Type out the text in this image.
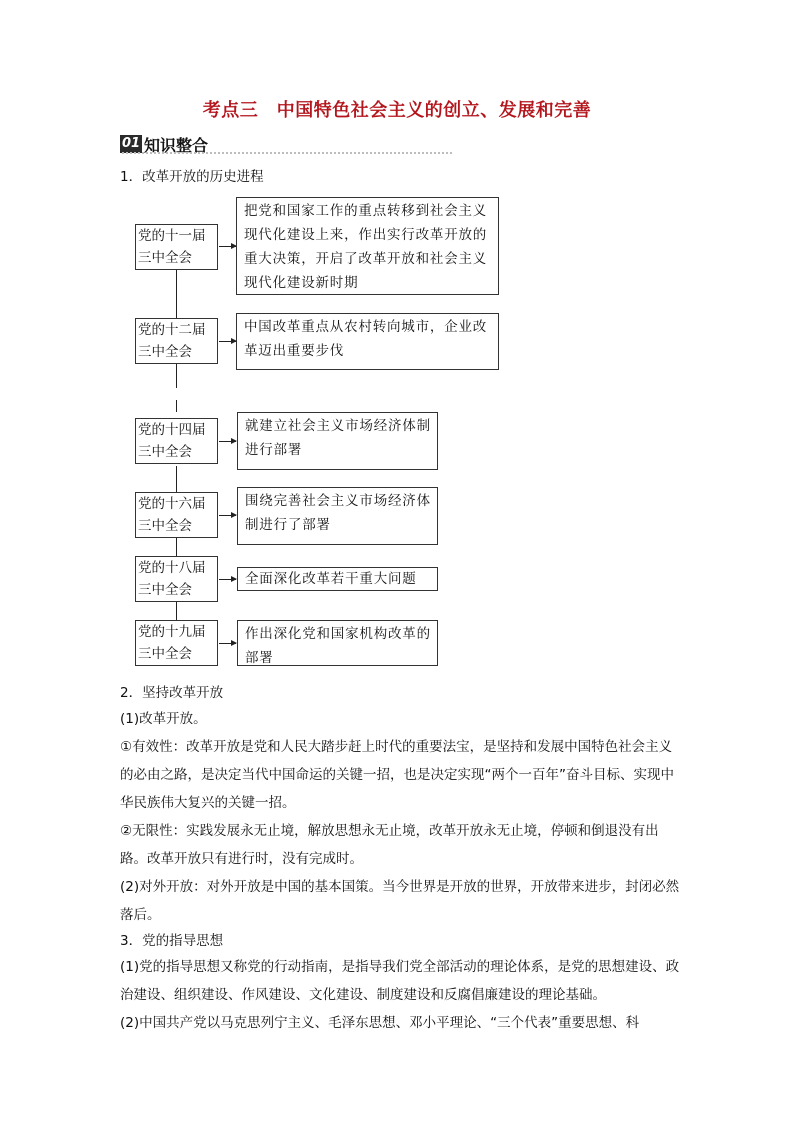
考点三　中国特色社会主义的创立、发展和完善
01 知识整合
1．改革开放的历史进程
党的十一届
三中全会
把党和国家工作的重点转移到社会主义现代化建设上来，作出实行改革开放的重大决策，开启了改革开放和社会主义现代化建设新时期
党的十二届
三中全会
中国改革重点从农村转向城市，企业改革迈出重要步伐
党的十四届
三中全会
就建立社会主义市场经济体制进行部署
党的十六届
三中全会
围绕完善社会主义市场经济体制进行了部署
党的十八届
三中全会
全面深化改革若干重大问题
党的十九届
三中全会
作出深化党和国家机构改革的部署
2．坚持改革开放
(1)改革开放。
①有效性：改革开放是党和人民大踏步赶上时代的重要法宝，是坚持和发展中国特色社会主义的必由之路，是决定当代中国命运的关键一招，也是决定实现“两个一百年”奋斗目标、实现中华民族伟大复兴的关键一招。
②无限性：实践发展永无止境，解放思想永无止境，改革开放永无止境，停顿和倒退没有出路。改革开放只有进行时，没有完成时。
(2)对外开放：对外开放是中国的基本国策。当今世界是开放的世界，开放带来进步，封闭必然落后。
3．党的指导思想
(1)党的指导思想又称党的行动指南，是指导我们党全部活动的理论体系，是党的思想建设、政治建设、组织建设、作风建设、文化建设、制度建设和反腐倡廉建设的理论基础。
(2)中国共产党以马克思列宁主义、毛泽东思想、邓小平理论、“三个代表”重要思想、科
